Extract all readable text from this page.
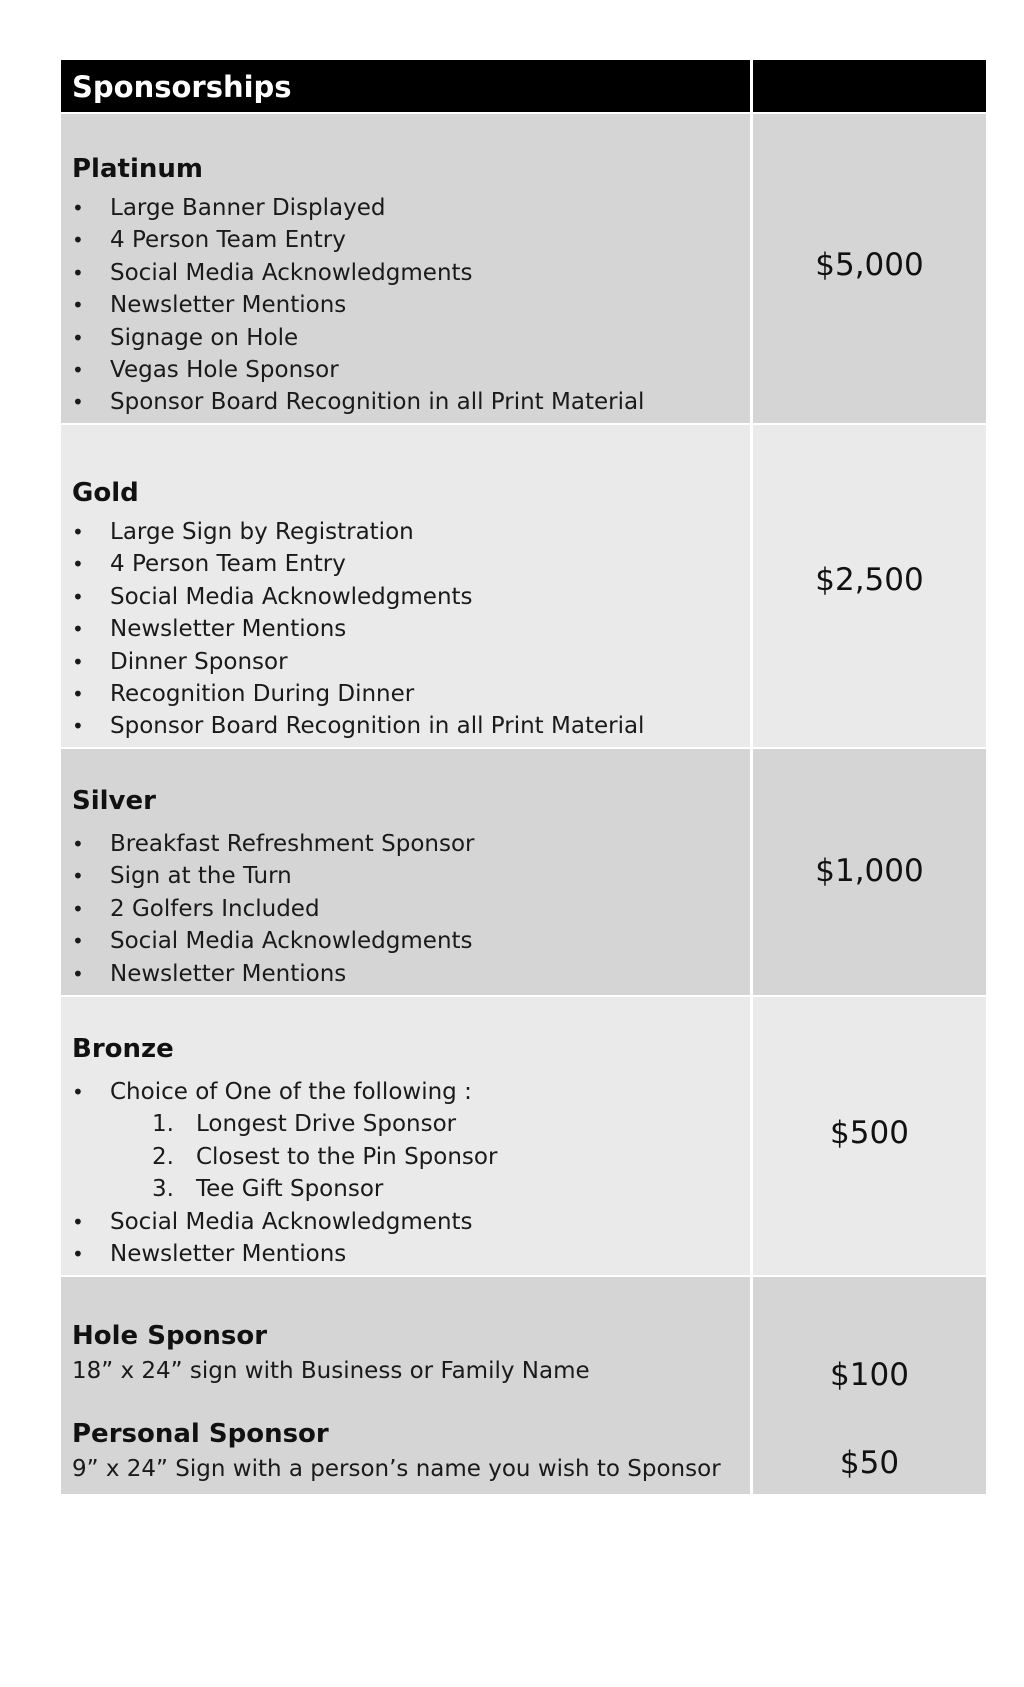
Sponsorships
Platinum
• Large Banner Displayed
• 4 Person Team Entry
• Social Media Acknowledgments
• Newsletter Mentions
• Signage on Hole
• Vegas Hole Sponsor
• Sponsor Board Recognition in all Print Material
$5,000
Gold
• Large Sign by Registration
• 4 Person Team Entry
• Social Media Acknowledgments
• Newsletter Mentions
• Dinner Sponsor
• Recognition During Dinner
• Sponsor Board Recognition in all Print Material
$2,500
Silver
• Breakfast Refreshment Sponsor
• Sign at the Turn
• 2 Golfers Included
• Social Media Acknowledgments
• Newsletter Mentions
$1,000
Bronze
• Choice of One of the following :
1. Longest Drive Sponsor
2. Closest to the Pin Sponsor
3. Tee Gift Sponsor
• Social Media Acknowledgments
• Newsletter Mentions
$500
Hole Sponsor
18” x 24” sign with Business or Family Name
Personal Sponsor
9” x 24” Sign with a person’s name you wish to Sponsor
$100
$50
